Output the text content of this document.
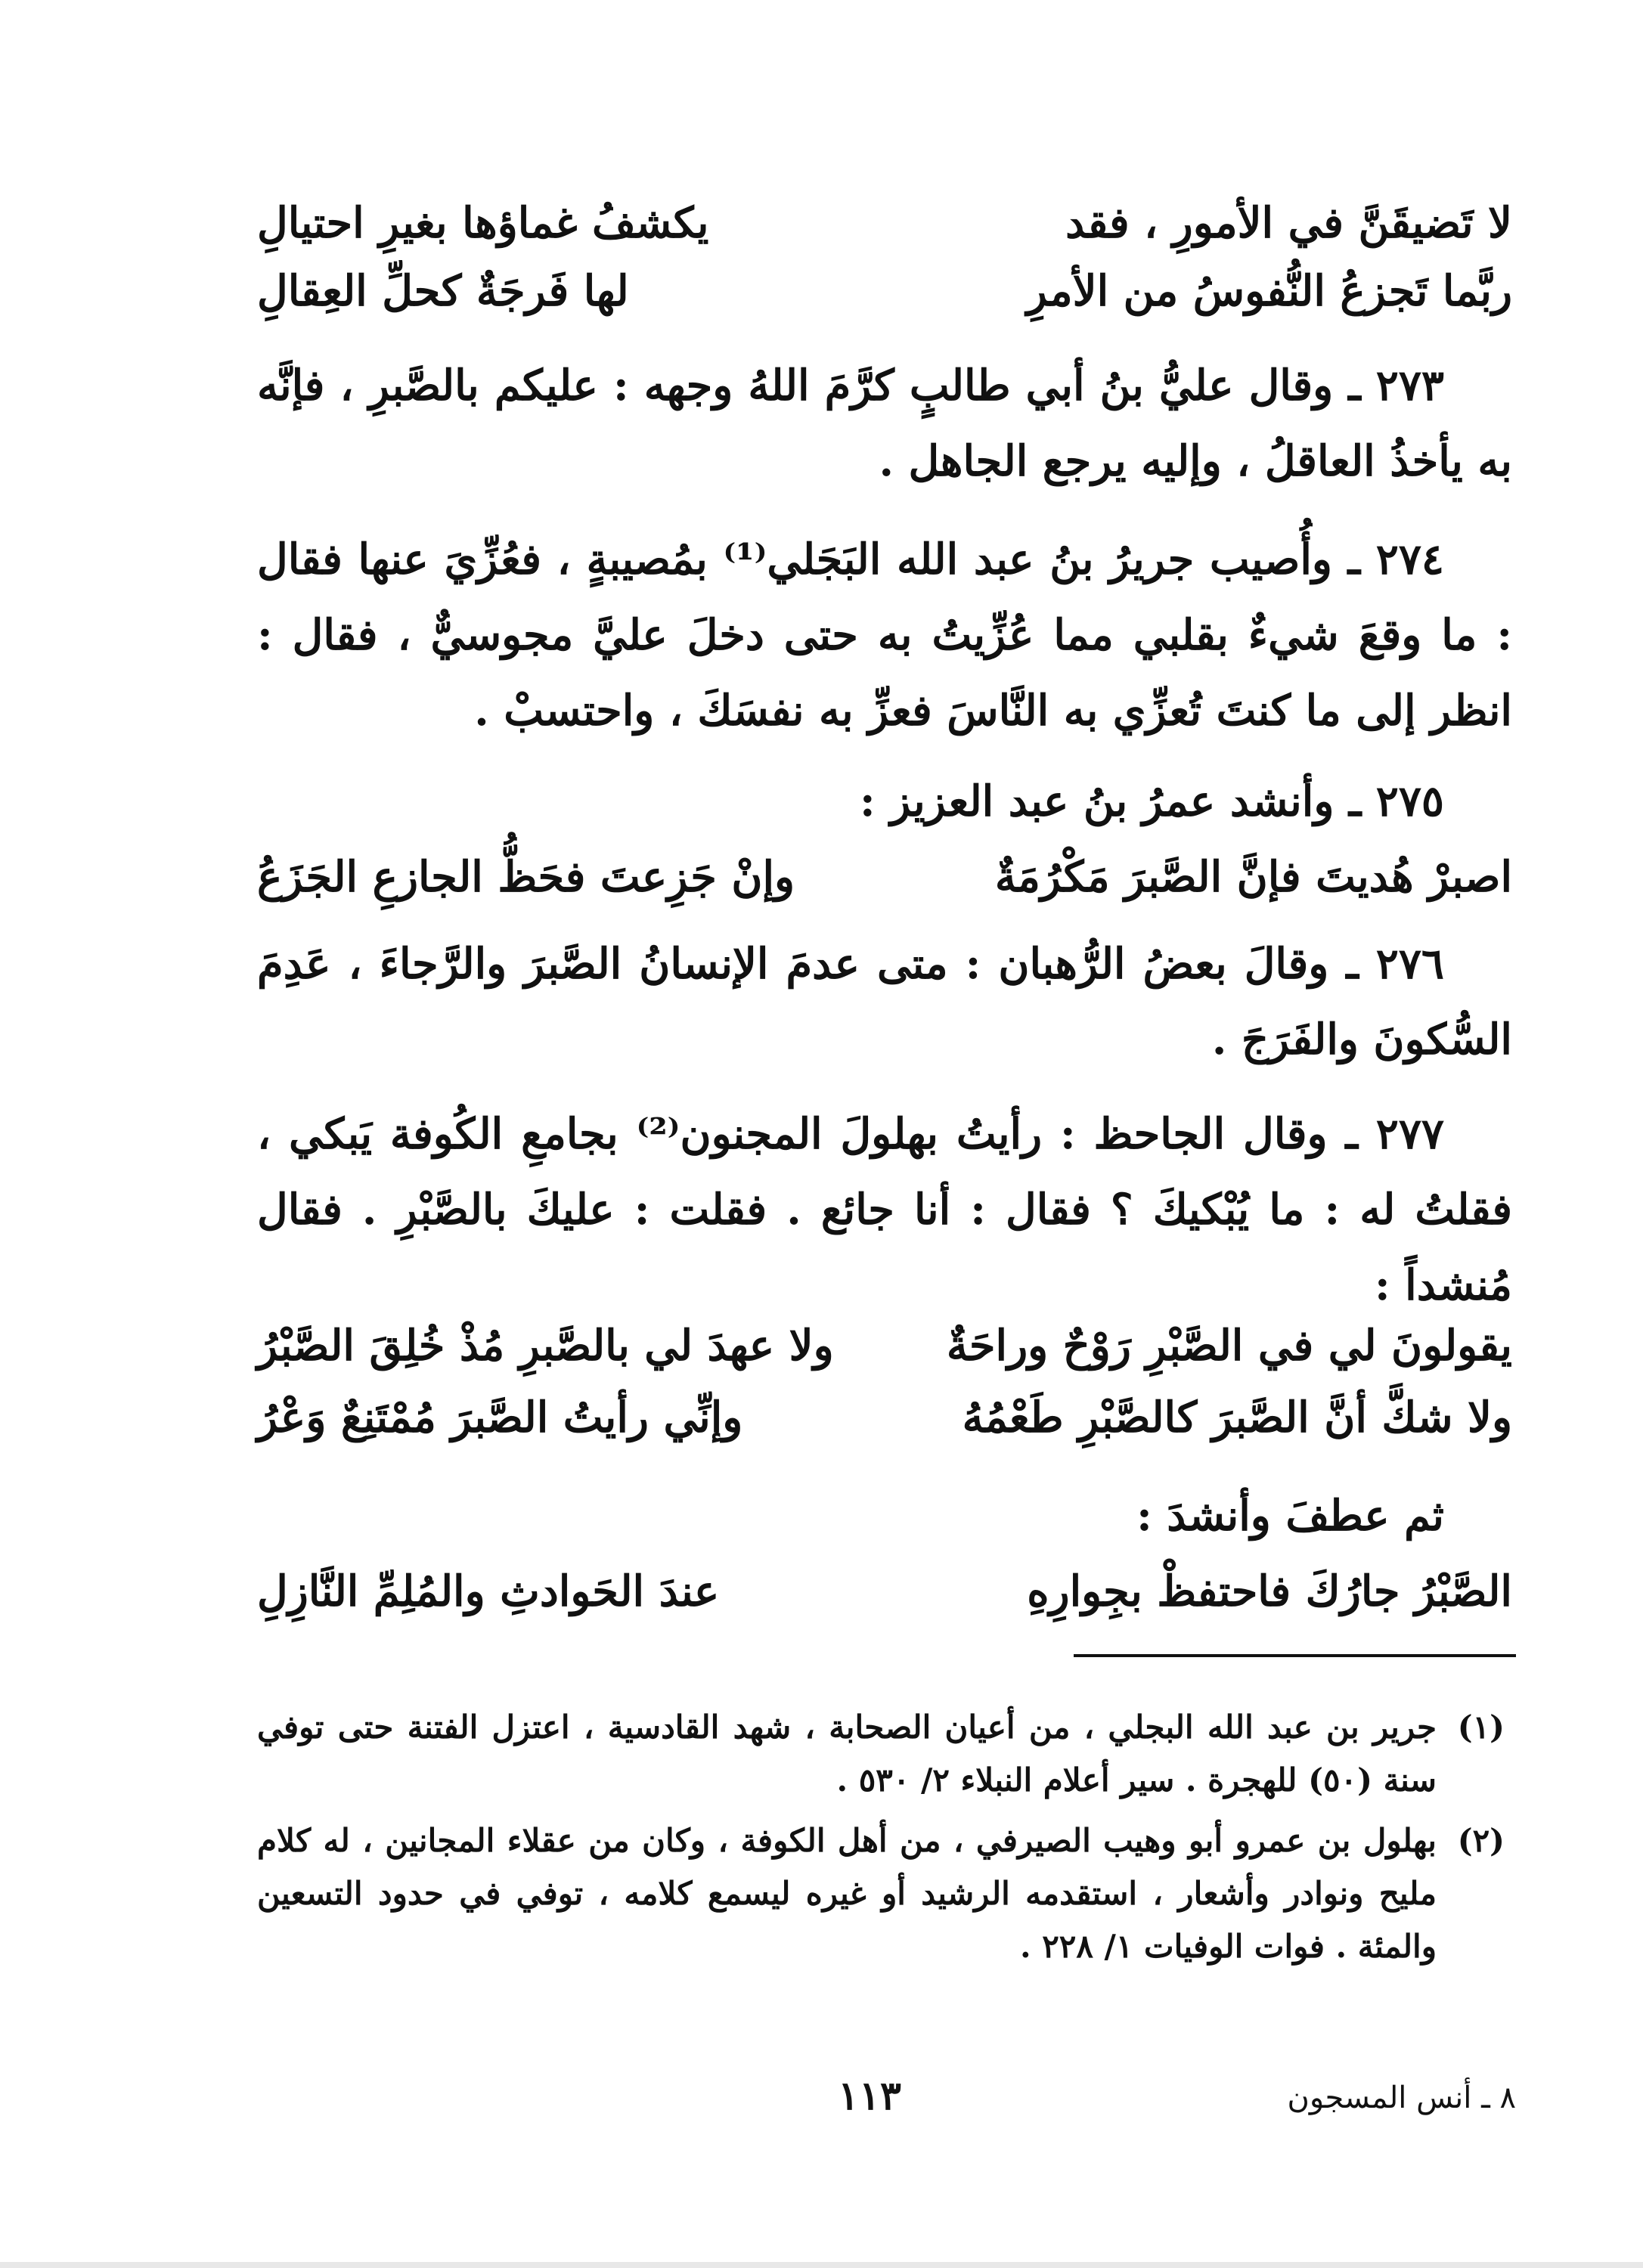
لا تَضيقَنَّ في الأمورِ ، فقد
يكشفُ غماؤها بغيرِ احتيالِ
ربَّما تَجزعُ النُّفوسُ من الأمرِ
لها فَرجَةٌ كحلِّ العِقالِ
٢٧٣ ـ وقال عليُّ بنُ أبي طالبٍ كرَّمَ اللهُ وجهه : عليكم بالصَّبرِ ، فإنَّه به يأخذُ العاقلُ ، وإليه يرجع الجاهل .
٢٧٤ ـ وأُصيب جريرُ بنُ عبد الله البَجَلي⁽¹⁾ بمُصيبةٍ ، فعُزِّيَ عنها فقال : ما وقعَ شيءٌ بقلبي مما عُزِّيتُ به حتى دخلَ عليَّ مجوسيٌّ ، فقال : انظر إلى ما كنتَ تُعزِّي به النَّاسَ فعزِّ به نفسَكَ ، واحتسبْ .
٢٧٥ ـ وأنشد عمرُ بنُ عبد العزيز :
اصبرْ هُديتَ فإنَّ الصَّبرَ مَكْرُمَةٌ
وإنْ جَزِعتَ فحَظُّ الجازعِ الجَزَعُ
٢٧٦ ـ وقالَ بعضُ الرُّهبان : متى عدمَ الإنسانُ الصَّبرَ والرَّجاءَ ، عَدِمَ السُّكونَ والفَرَجَ .
٢٧٧ ـ وقال الجاحظ : رأيتُ بهلولَ المجنون⁽²⁾ بجامعِ الكُوفة يَبكي ، فقلتُ له : ما يُبْكيكَ ؟ فقال : أنا جائع . فقلت : عليكَ بالصَّبْرِ . فقال مُنشداً :
يقولونَ لي في الصَّبْرِ رَوْحٌ وراحَةٌ
ولا عهدَ لي بالصَّبرِ مُذْ خُلِقَ الصَّبْرُ
ولا شكَّ أنَّ الصَّبرَ كالصَّبْرِ طَعْمُهُ
وإنِّي رأيتُ الصَّبرَ مُمْتَنِعٌ وَعْرُ
ثم عطفَ وأنشدَ :
الصَّبْرُ جارُكَ فاحتفظْ بجِوارِهِ
عندَ الحَوادثِ والمُلِمِّ النَّازِلِ
(١)
جرير بن عبد الله البجلي ، من أعيان الصحابة ، شهد القادسية ، اعتزل الفتنة حتى توفي سنة (٥٠) للهجرة . سير أعلام النبلاء ٢/ ٥٣٠ .
(٢)
بهلول بن عمرو أبو وهيب الصيرفي ، من أهل الكوفة ، وكان من عقلاء المجانين ، له كلام مليح ونوادر وأشعار ، استقدمه الرشيد أو غيره ليسمع كلامه ، توفي في حدود التسعين والمئة . فوات الوفيات ١/ ٢٢٨ .
١١٣	٨ ـ أنس المسجون
